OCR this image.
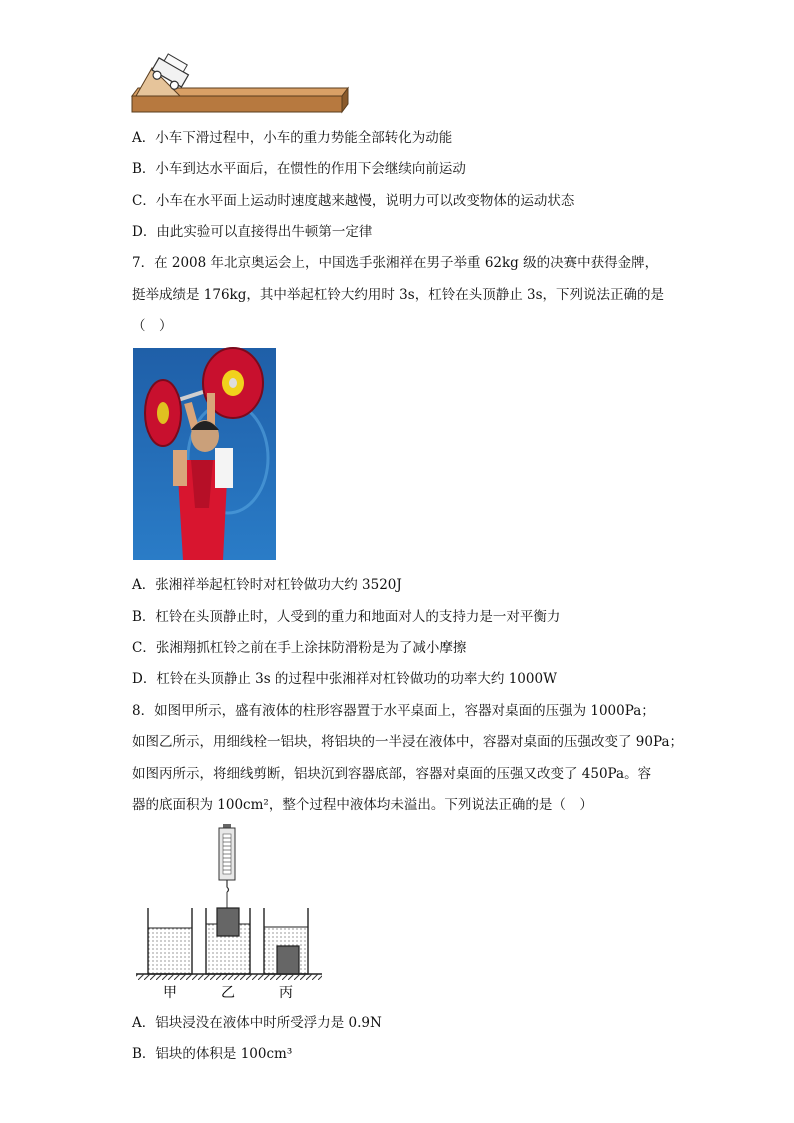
A．小车下滑过程中，小车的重力势能全部转化为动能
B．小车到达水平面后，在惯性的作用下会继续向前运动
C．小车在水平面上运动时速度越来越慢，说明力可以改变物体的运动状态
D．由此实验可以直接得出牛顿第一定律
7．在 2008 年北京奥运会上，中国选手张湘祥在男子举重 62kg 级的决赛中获得金牌，
挺举成绩是 176kg，其中举起杠铃大约用时 3s，杠铃在头顶静止 3s，下列说法正确的是
（　）
A．张湘祥举起杠铃时对杠铃做功大约 3520J
B．杠铃在头顶静止时，人受到的重力和地面对人的支持力是一对平衡力
C．张湘翔抓杠铃之前在手上涂抹防滑粉是为了减小摩擦
D．杠铃在头顶静止 3s 的过程中张湘祥对杠铃做功的功率大约 1000W
8．如图甲所示，盛有液体的柱形容器置于水平桌面上，容器对桌面的压强为 1000Pa；
如图乙所示，用细线栓一铝块，将铝块的一半浸在液体中，容器对桌面的压强改变了 90Pa；
如图丙所示，将细线剪断，铝块沉到容器底部，容器对桌面的压强又改变了 450Pa。容
器的底面积为 100cm²，整个过程中液体均未溢出。下列说法正确的是（　）
甲	乙	丙
A．铝块浸没在液体中时所受浮力是 0.9N
B．铝块的体积是 100cm³
